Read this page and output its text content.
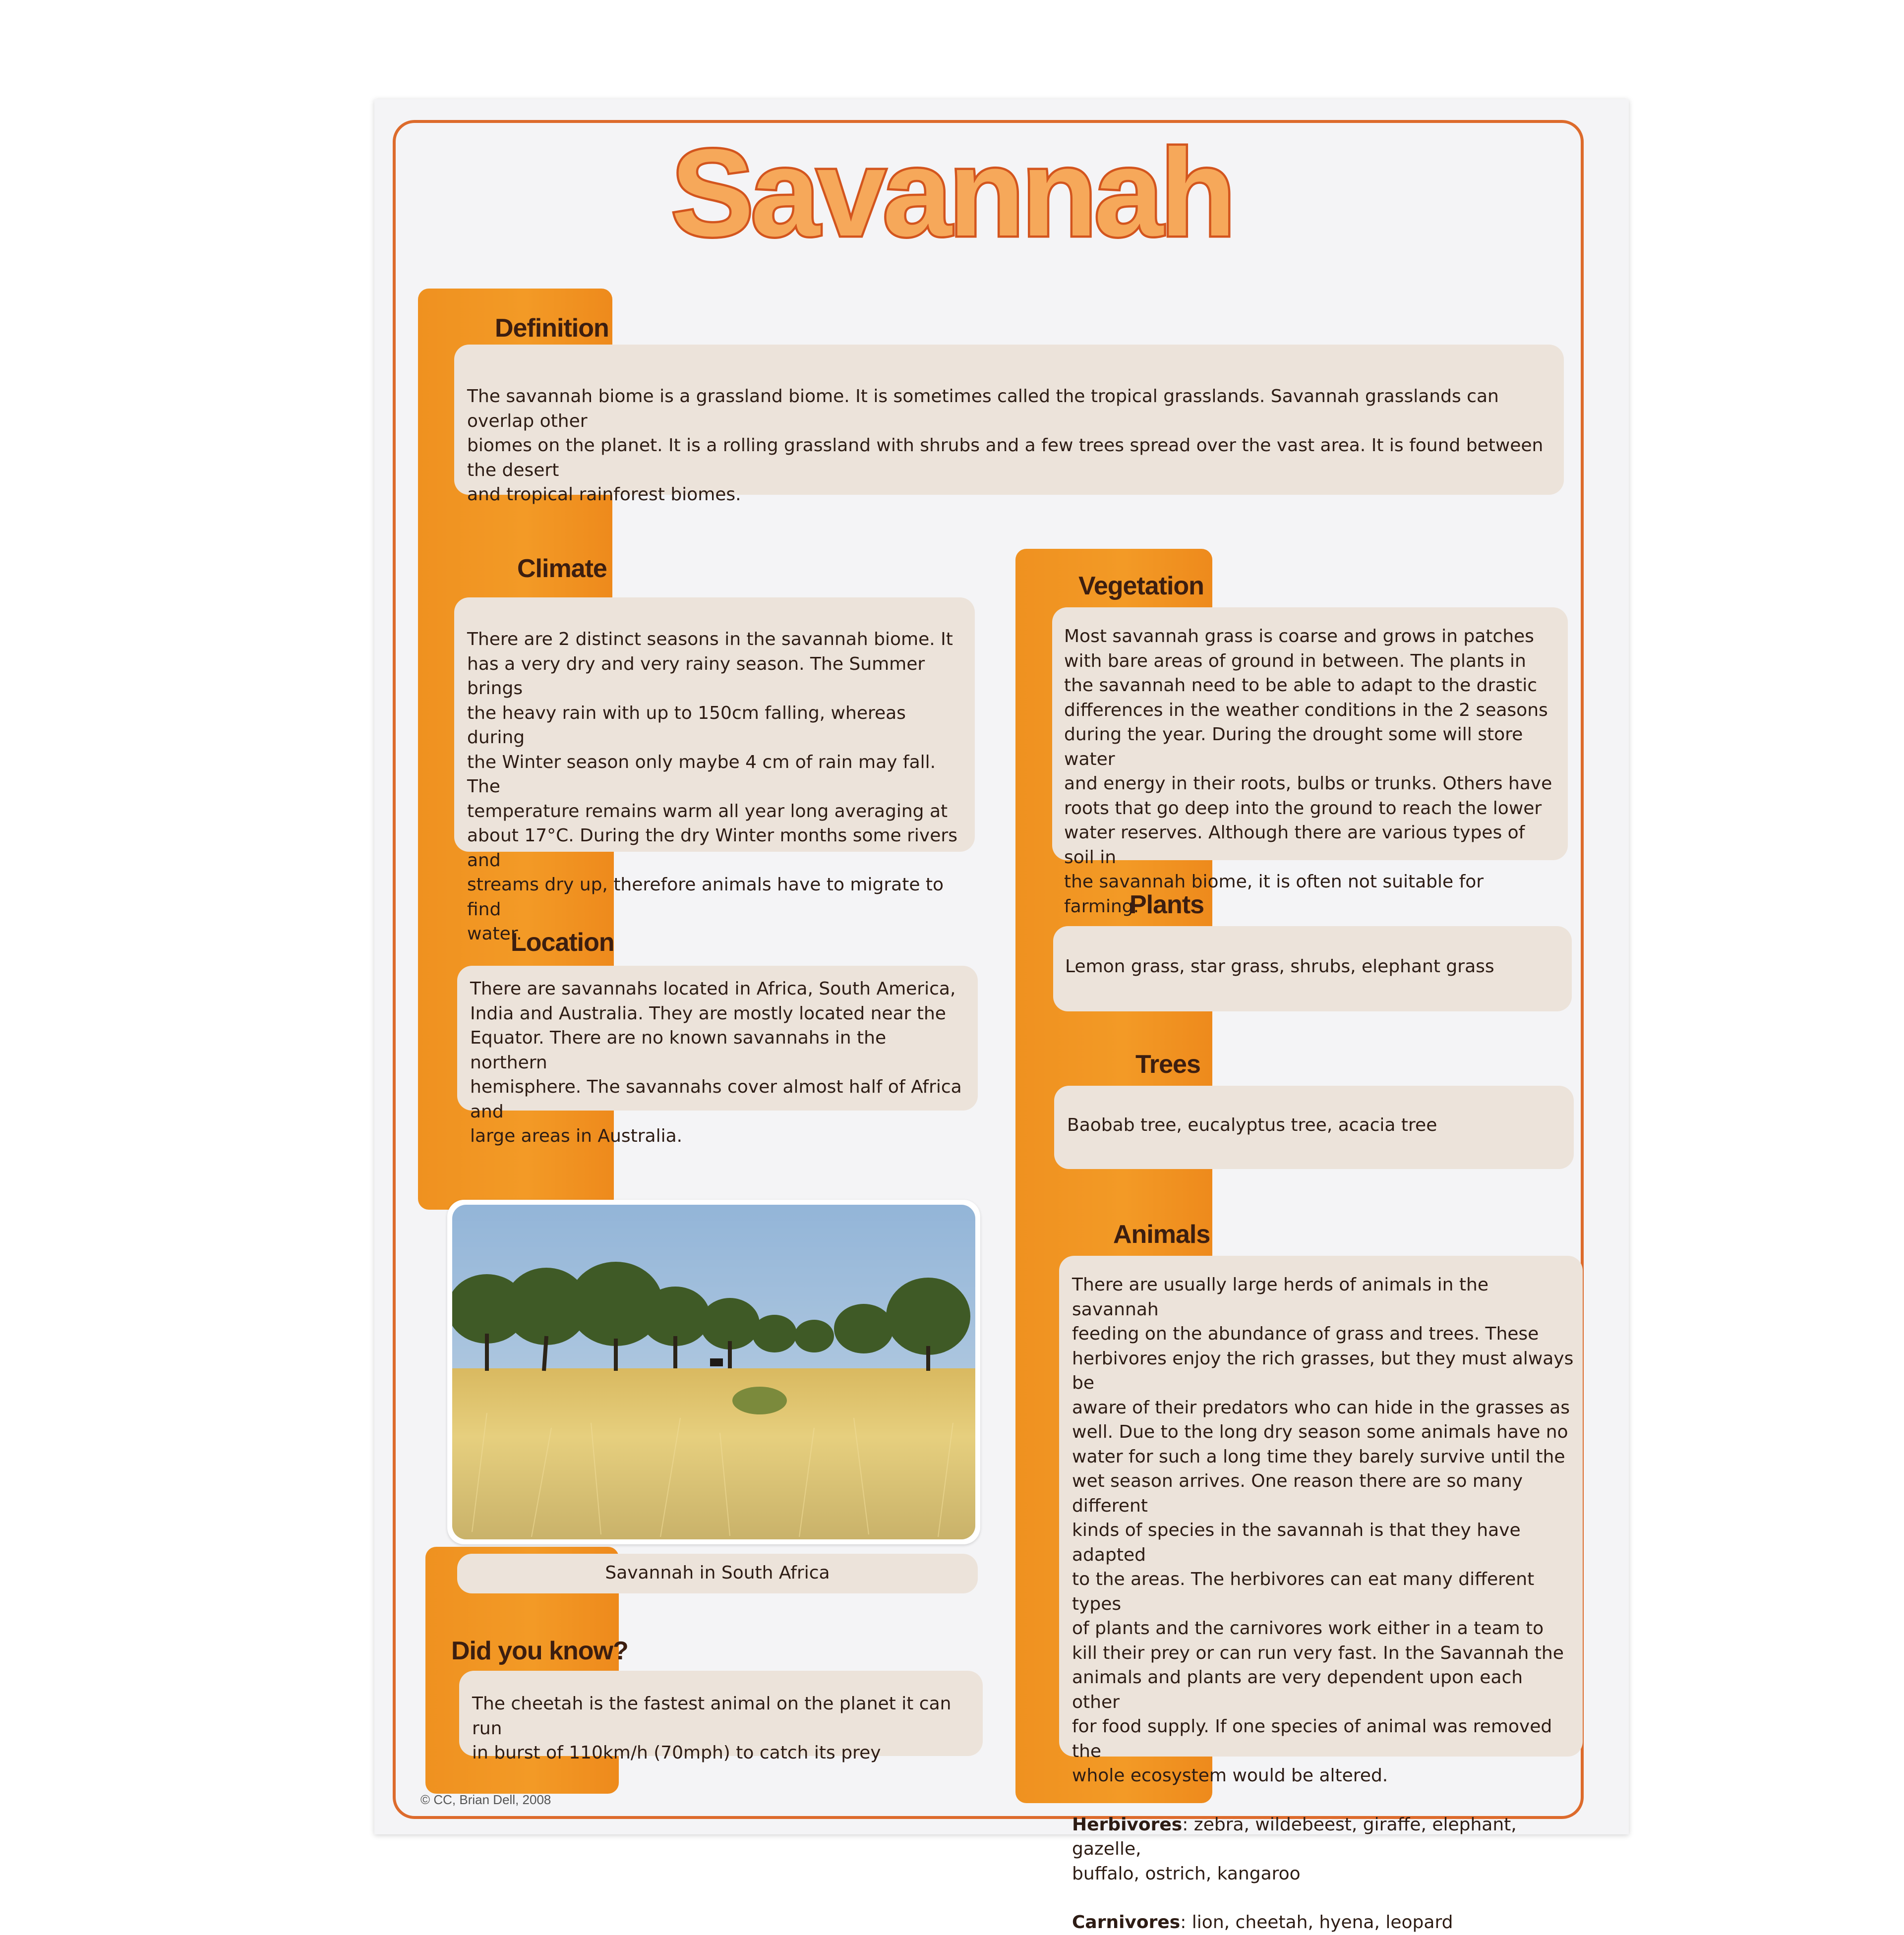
Savannah
Definition

The savannah biome is a grassland biome. It is sometimes called the tropical grasslands. Savannah grasslands can overlap other
biomes on the planet. It is a rolling grassland with shrubs and a few trees spread over the vast area. It is found between the desert
and tropical rainforest biomes.

Climate

There are 2 distinct seasons in the savannah biome. It
has a very dry and very rainy season. The Summer brings
the heavy rain with up to 150cm falling, whereas during
the Winter season only maybe 4 cm of rain may fall. The
temperature remains warm all year long averaging at
about 17°C. During the dry Winter months some rivers and
streams dry up, therefore animals have to migrate to find
water.

Location

There are savannahs located in Africa, South America,
India and Australia. They are mostly located near the
Equator. There are no known savannahs in the northern
hemisphere. The savannahs cover almost half of Africa and
large areas in Australia.

Savannah in South Africa

Did you know?

The cheetah is the fastest animal on the planet it can run
in burst of 110km/h (70mph) to catch its prey

Vegetation

Most savannah grass is coarse and grows in patches
with bare areas of ground in between. The plants in
the savannah need to be able to adapt to the drastic
differences in the weather conditions in the 2 seasons
during the year. During the drought some will store water
and energy in their roots, bulbs or trunks. Others have
roots that go deep into the ground to reach the lower
water reserves. Although there are various types of soil in
the savannah biome, it is often not suitable for farming.

Plants

Lemon grass, star grass, shrubs, elephant grass

Trees

Baobab tree, eucalyptus tree, acacia tree

Animals

There are usually large herds of animals in the savannah
feeding on the abundance of grass and trees. These
herbivores enjoy the rich grasses, but they must always be
aware of their predators who can hide in the grasses as
well. Due to the long dry season some animals have no
water for such a long time they barely survive until the
wet season arrives. One reason there are so many different
kinds of species in the savannah is that they have adapted
to the areas. The herbivores can eat many different types
of plants and the carnivores work either in a team to
kill their prey or can run very fast. In the Savannah the
animals and plants are very dependent upon each other
for food supply. If one species of animal was removed the
whole ecosystem would be altered.

Herbivores: zebra, wildebeest, giraffe, elephant, gazelle,
buffalo, ostrich, kangaroo

Carnivores: lion, cheetah, hyena, leopard

© CC, Brian Dell, 2008
